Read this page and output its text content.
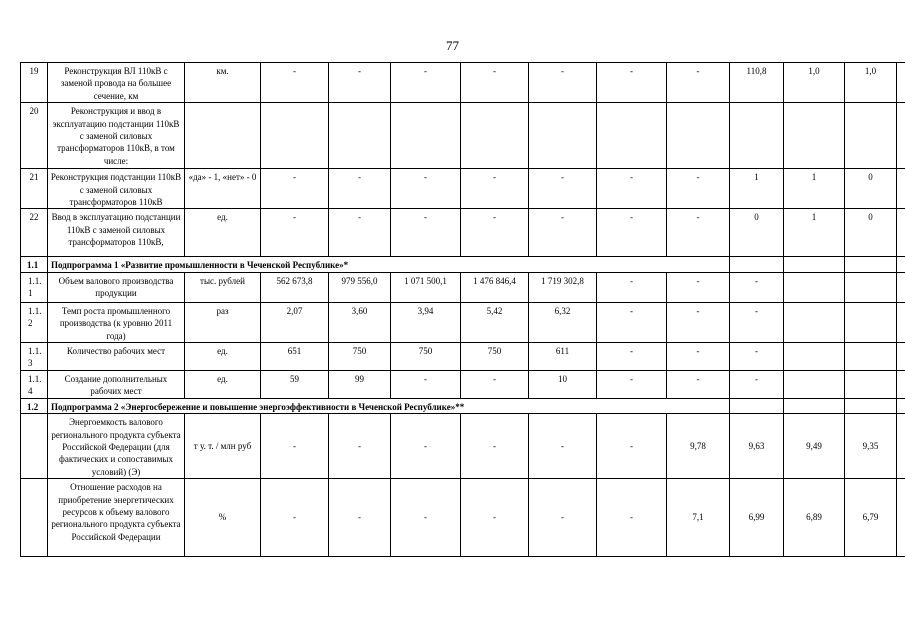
77
19	Реконструкция ВЛ 110кВ с заменой провода на большее сечение, км	км.	-	-	-	-	-	-	-	110,8	1,0	1,0	
20	Реконструкция и ввод в эксплуатацию подстанции 110кВ с заменой силовых трансформаторов 110кВ, в том числе:												
21	Реконструкция подстанции 110кВ с заменой силовых трансформаторов 110кВ	«да» - 1, «нет» - 0	-	-	-	-	-	-	-	1	1	0	
22	Ввод в эксплуатацию подстанции 110кВ с заменой силовых трансформаторов 110кВ,	ед.	-	-	-	-	-	-	-	0	1	0	
1.1	Подпрограмма 1 «Развитие промышленности в Чеченской Республике»*												
1.1. 1	Объем валового производства продукции	тыс. рублей	562 673,8	979 556,0	1 071 500,1	1 476 846,4	1 719 302,8	-	-	-			
1.1. 2	Темп роста промышленного производства (к уровню 2011 года)	раз	2,07	3,60	3,94	5,42	6,32	-	-	-			
1.1. 3	Количество рабочих мест	ед.	651	750	750	750	611	-	-	-			
1.1. 4	Создание дополнительных рабочих мест	ед.	59	99	-	-	10	-	-	-			
1.2	Подпрограмма 2 «Энергосбережение и повышение энергоэффективности в Чеченской Республике»**												
	Энергоемкость валового регионального продукта субъекта Российской Федерации (для фактических и сопоставимых условий) (Э)	т у. т. / млн руб	-	-	-	-	-	-	9,78	9,63	9,49	9,35	
	Отношение расходов на приобретение энергетических ресурсов к объему валового регионального продукта субъекта Российской Федерации	%	-	-	-	-	-	-	7,1	6,99	6,89	6,79	
